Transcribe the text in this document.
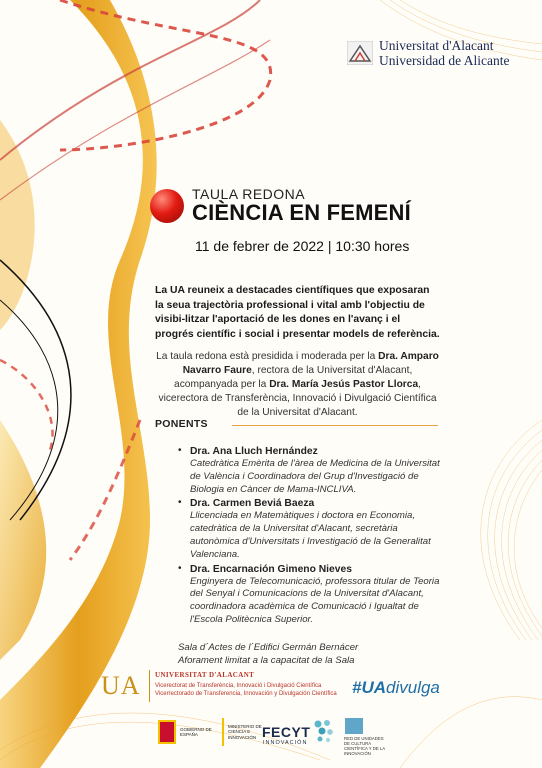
Universitat d'Alacant
Universidad de Alicante
TAULA REDONA
CIÈNCIA EN FEMENÍ
11 de febrer de 2022 | 10:30 hores
La UA reuneix a destacades científiques que exposaran la seua trajectòria professional i vital amb l'objectiu de visibi-litzar l'aportació de les dones en l'avanç i el progrés científic i social i presentar models de referència.
La taula redona està presidida i moderada per la Dra. Amparo Navarro Faure, rectora de la Universitat d'Alacant, acompanyada per la Dra. María Jesús Pastor Llorca, vicerectora de Transferència, Innovació i Divulgació Científica de la Universitat d'Alacant.
PONENTS
• Dra. Ana Lluch Hernández
Catedràtica Emèrita de l'àrea de Medicina de la Universitat de València i Coordinadora del Grup d'Investigació de Biologia en Càncer de Mama-INCLIVA.
• Dra. Carmen Beviá Baeza
Llicenciada en Matemàtiques i doctora en Economia, catedràtica de la Universitat d'Alacant, secretària autonòmica d'Universitats i Investigació de la Generalitat Valenciana.
• Dra. Encarnación Gimeno Nieves
Enginyera de Telecomunicació, professora titular de Teoria del Senyal i Comunicacions de la Universitat d'Alacant, coordinadora acadèmica de Comunicació i Igualtat de l'Escola Politècnica Superior.
Sala d´Actes de l´Edifici Germán Bernácer
Aforament limitat a la capacitat de la Sala
UA UNIVERSITAT D'ALACANT
Vicerectorat de Transferència, Innovació i Divulgació Científica
Vicerrectorado de Transferencia, Innovación y Divulgación Científica #UAdivulga
GOBIERNO DE ESPAÑA
MINISTERIO DE CIENCIA E INNOVACIÓN FECYT
INNOVACIÓN
RED DE UNIDADES DE CULTURA CIENTÍFICA Y DE LA INNOVACIÓN
